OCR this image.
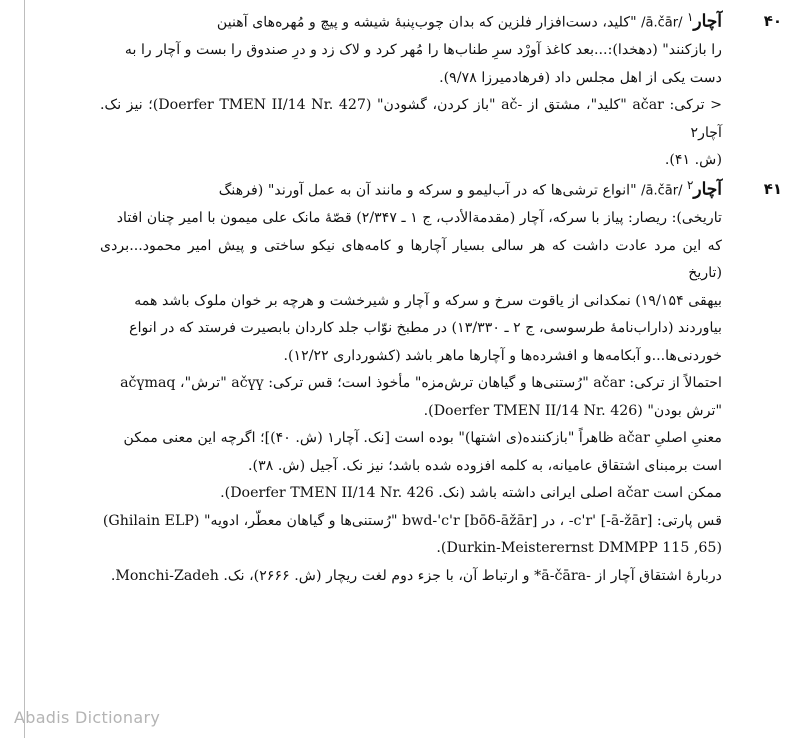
۴۰

آچار$^۱$ /ā.čār/ "کلید، دست‌افزار فلزین که بدان چوب‌پنبهٔ شیشه و پیچ و مُهره‌های آهنین

را بازکنند" (دهخدا):...بعد کاغذ آورْد سرِ طناب‌ها را مُهر کرد و لاک زد و درِ صندوق را بست و آچار را به

دست یکی از اهل مجلس داد (فرهادمیرزا ۹/۷۸).

< ترکی: ačar "کلید"، مشتق از -ač "باز کردن، گشودن" (Doerfer TMEN II/14 Nr. 427)؛ نیز نک. آچار۲

(ش. ۴۱).

۴۱

آچار$^۲$ /ā.čār/ "انواع ترشی‌ها که در آب‌لیمو و سرکه و مانند آن به عمل آورند" (فرهنگ

تاریخی): ریصار: پیاز با سرکه، آچار (مقدمةالأدب، ج ۱ ـ ۲/۳۴۷) قصّهٔ مانک علی میمون با امیر چنان افتاد

که این مرد عادت داشت که هر سالی بسیار آچارها و کامه‌های نیکو ساختی و پیش امیر محمود...بردی (تاریخ

بیهقی ۱۹/۱۵۴) نمکدانی از یاقوت سرخ و سرکه و آچار و شیرخشت و هرچه بر خوان ملوک باشد همه

بیاوردند (داراب‌نامهٔ طرسوسی، ج ۲ ـ ۱۳/۳۳۰) در مطبخ نوّاب جلد کاردان بابصیرت فرستد که در انواع

خوردنی‌ها...و آبکامه‌ها و افشرده‌ها و آچارها ماهر باشد (کشورداری ۱۲/۲۲).

احتمالاً از ترکی: ačar "رُستنی‌ها و گیاهان ترش‌مزه" مأخوذ است؛ قس ترکی: ačүү "ترش"، ačүmaq

"ترش بودن" (Doerfer TMEN II/14 Nr. 426).

معنیِ اصلیِ ačar ظاهراً "بازکننده(ی اشتها)" بوده است [نک. آچار۱ (ش. ۴۰)]؛ اگرچه این معنی ممکن

است برمبنای اشتقاق عامیانه، به کلمه افزوده شده باشد؛ نیز نک. آجیل (ش. ۳۸).

ممکن است ačar اصلی ایرانی داشته باشد (نک. Doerfer TMEN II/14 Nr. 426).

قس پارتی: [ā-žār-] 'c'r- ، در [bōδ-āžār] bwd-'c'r "رُستنی‌ها و گیاهان معطّر، ادویه" (Ghilain ELP)

(65, Durkin-Meisterernst DMMPP 115).

دربارهٔ اشتقاق آچار از -ā-čāra* و ارتباط آن، با جزء دوم لغت ریچار (ش. ۲۶۶۶)، نک. Monchi-Zadeh.

Abadis Dictionary
